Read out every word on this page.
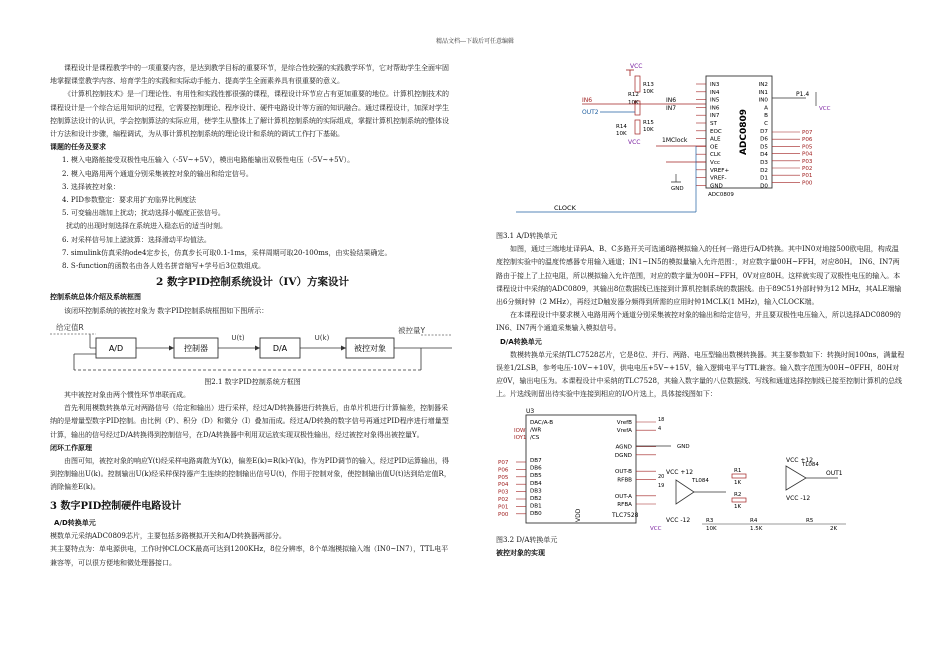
精品文档---下载后可任意编辑

课程设计是课程教学中的一项重要内容，是达到教学目标的重要环节，是综合性较强的实践教学环节，它对帮助学生全面牢固地掌握课堂教学内容、培育学生的实践和实际动手能力、提高学生全面素养具有很重要的意义。

《计算机控制技术》是一门理论性、有用性和实践性都很强的课程，课程设计环节应占有更加重要的地位。计算机控制技术的课程设计是一个综合运用知识的过程，它需要控制理论、程序设计、硬件电路设计等方面的知识融合。通过课程设计，加深对学生控制算法设计的认识，学会控制算法的实际应用，使学生从整体上了解计算机控制系统的实际组成，掌握计算机控制系统的整体设计方法和设计步骤，编程调试，为从事计算机控制系统的理论设计和系统的调试工作打下基础。

课题的任务及要求

1. 模入电路能接受双极性电压输入（-5V~+5V），模出电路能输出双极性电压（-5V~+5V）。

2. 模入电路用两个通道分别采集被控对象的输出和给定信号。

3. 选择被控对象：

4. PID参数整定：要求用扩充临界比例度法

5. 可变输出端加上扰动；扰动选择小幅度正弦信号。

扰动的出现时刻选择在系统进入稳态后的适当时刻。

6. 对采样信号加上滤波算：选择滑动平均值法。

7. simulink仿真采纳ode4定步长，仿真步长可取0.1-1ms，采样周期可取20-100ms，由实验结果确定。

8. S-function的函数名由各人姓名拼音缩写+学号后3位数组成。

2 数字PID控制系统设计（IV）方案设计

控制系统总体介绍及系统框图

该闭环控制系统的被控对象为 数字PID控制系统框图如下图所示：

给定值R
A/D	控制器
U(t)
D/A
U(k)
被控对象
被控量Y

图2.1 数字PID控制系统方框图

其中被控对象由两个惯性环节串联而成。

首先利用模数转换单元对两路信号（给定和输出）进行采样，经过A/D转换器进行转换后，由单片机进行计算偏差，控制器采纳的是增量型数字PID控制。由比例（P）、积分（D）和微分（I）叠加而成。经过A/D转换的数字信号再通过PID程序进行增量型计算，输出的信号经过D/A转换得到控制信号，在D/A转换器中利用双运放实现双极性输出，经过被控对象得出被控量Y。

闭环工作原理

由图可知，被控对象的响应Y(t)经采样电路离散为Y(k)，偏差E(k)=R(k)-Y(k)，作为PID调节的输入，经过PID运算输出，得到控制输出U(k)。控制输出U(k)经采样保持器产生连续的控制输出信号U(t)，作用于控制对象，使控制输出值U(t)达到给定值R，消除偏差E(k)。

3 数字PID控制硬件电路设计

A/D转换单元

模数单元采纳ADC0809芯片，主要包括多路模拟开关和A/D转换器两部分。

其主要特点为：单电源供电，工作时钟CLOCK最高可达到1200KHz，8位分辨率，8个单端模拟输入端（IN0~IN7），TTL电平兼容等，可以很方便地和微处理器接口。

VCC
R13
10K
R12
10K
IN6
OUT2
IN6
IN7
R15
10K
R14
10K
VCC	1MClock
GND
ADC0809
IN3
IN4
IN5
IN6
IN7
ST
EOC
ALE
OE
CLK
Vcc
VREF+
VREF-
GND
IN2
IN1
IN0
A
B
C
D7
D6
D5
D4
D3
D2
D1
D0
P07
P06
P05
P04
P03
P02
P01
P00
ADC0809
P1.4
VCC
CLOCK

图3.1 A/D转换单元

如图，通过三端地址译码A、B、C多路开关可选通8路模拟输入的任何一路进行A/D转换。其中IN0对地接500欧电阻，构成温度控制实验中的温度传感器专用输入通道；IN1~IN5的模拟量输入允许范围：，对应数字量00H~FFH，对应80H。 IN6、IN7两路由于接上了上拉电阻，所以模拟输入允许范围，对应的数字量为00H~FFH，0V对应80H。这样就实现了双极性电压的输入。本课程设计中采纳的ADC0809，其输出8位数据线已连接到计算机控制系统的数据线。由于89C51外部时钟为12 MHz，其ALE端输出6分频时钟（2 MHz），再经过D触发器分频得到所需的应用时钟1MCLK(1 MHz)，输入CLOCK端。

在本课程设计中要求模入电路用两个通道分别采集被控对象的输出和给定信号，并且要双极性电压输入，所以选择ADC0809的IN6、IN7两个通道采集输入模拟信号。

D/A转换单元

数模转换单元采纳TLC7528芯片，它是8位、并行、两路、电压型输出数模转换器。其主要参数如下：转换时间100ns，满量程误差1/2LSB，参考电压-10V~+10V，供电电压+5V~+15V，输入逻辑电平与TTL兼容。输入数字范围为00H~0FFH，80H对应0V，输出电压为。本课程设计中采纳的TLC7528，其输入数字量的八位数据线、写线和通道选择控制线已接至控制计算机的总线上。片选线则留出待实验中连接到相应的I/O片选上，具体接线图如下：

U3
DAC/A-B
/WR
/CS
DB7
DB6
DB5
DB4
DB3
DB2
DB1
DB0
VrefB
VrefA
AGND
DGND
OUT-B
RFBB
OUT-A
RFBA
P07
P06
P05
P04
P03
P02
P01
P00
IOW
IOY1
VDD	TLC7528
18
4
GND
20
19
VCC +12
TL084
VCC -12
R1
1K
R2
1K
VCC +12
TL084
VCC -12
OUT1
R3
10K
R4
1.5K
R5
2K
VCC

图3.2 D/A转换单元

被控对象的实现
